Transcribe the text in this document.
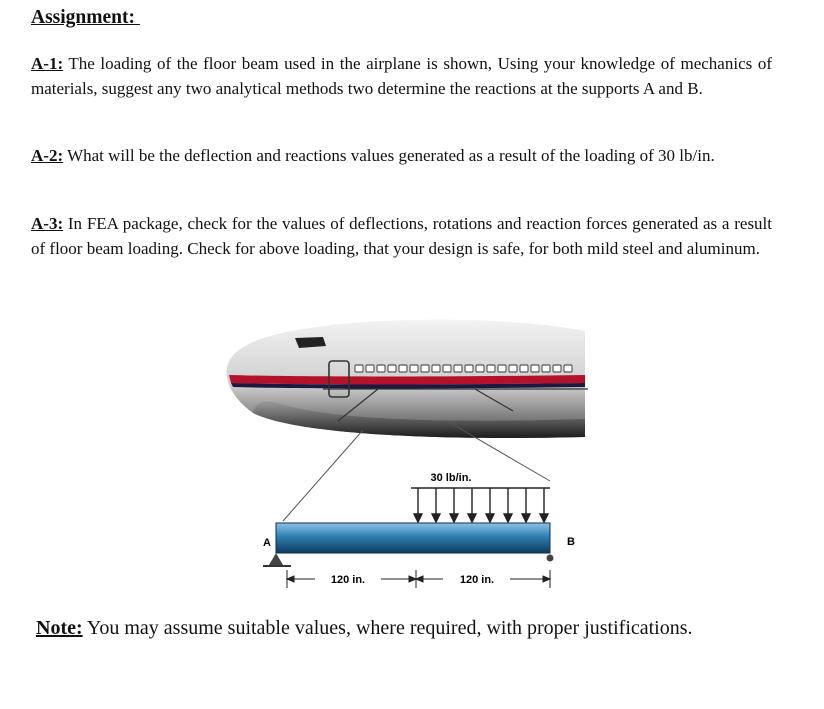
Assignment:

A-1: The loading of the floor beam used in the airplane is shown, Using your knowledge of mechanics of materials, suggest any two analytical methods two determine the reactions at the supports A and B.

A-2: What will be the deflection and reactions values generated as a result of the loading of 30 lb/in.

A-3: In FEA package, check for the values of deflections, rotations and reaction forces generated as a result of floor beam loading. Check for above loading, that your design is safe, for both mild steel and aluminum.

30 lb/in.
A	B
120 in.	120 in.

Note: You may assume suitable values, where required, with proper justifications.
